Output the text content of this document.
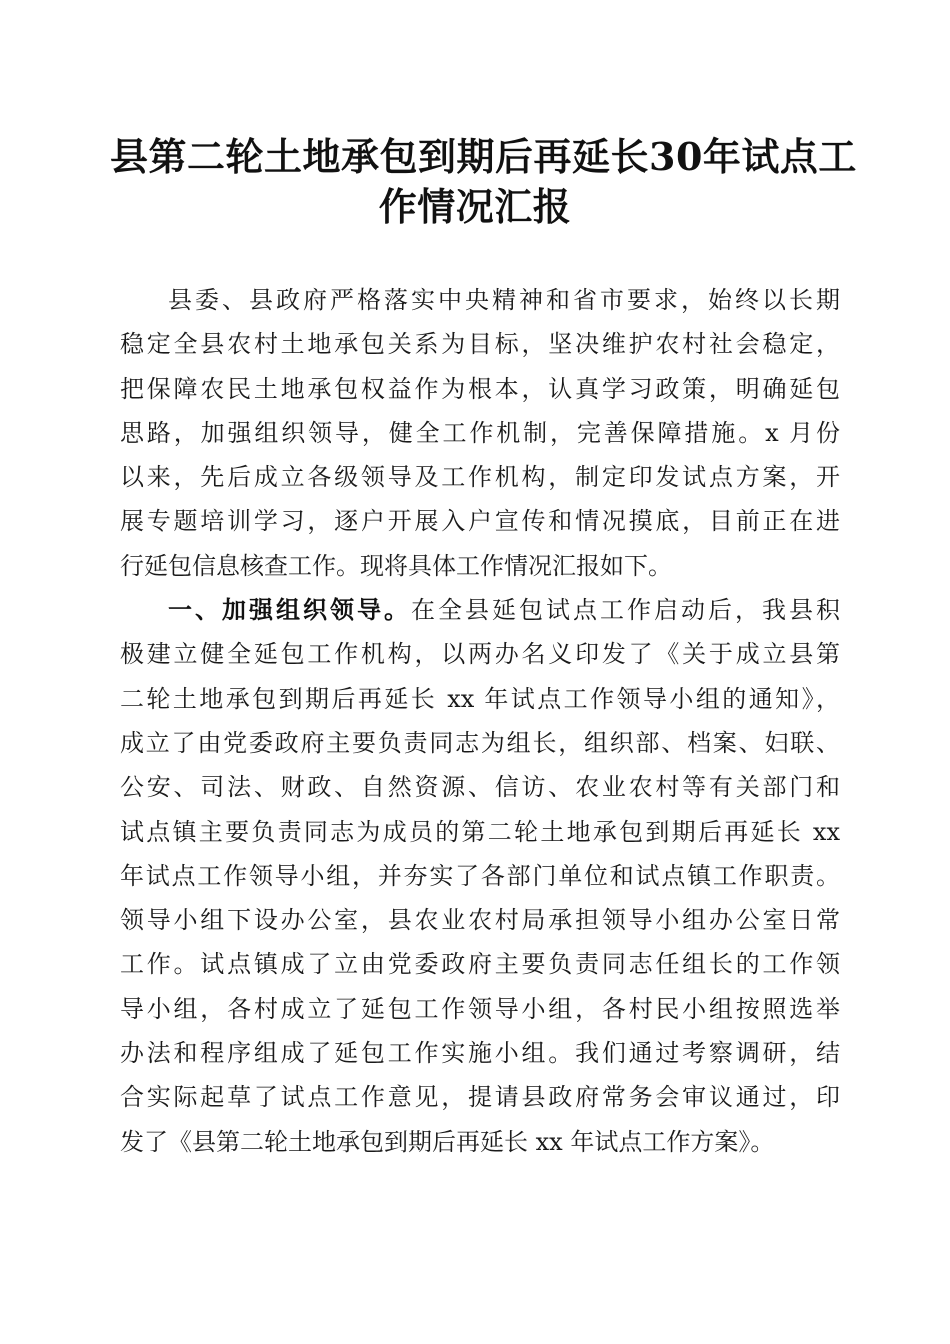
县第二轮土地承包到期后再延长30年试点工
作情况汇报
县委、县政府严格落实中央精神和省市要求，始终以长期
稳定全县农村土地承包关系为目标，坚决维护农村社会稳定，
把保障农民土地承包权益作为根本，认真学习政策，明确延包
思路，加强组织领导，健全工作机制，完善保障措施。x 月份
以来，先后成立各级领导及工作机构，制定印发试点方案，开
展专题培训学习，逐户开展入户宣传和情况摸底，目前正在进
行延包信息核查工作。现将具体工作情况汇报如下。
一、加强组织领导。在全县延包试点工作启动后，我县积
极建立健全延包工作机构，以两办名义印发了《关于成立县第
二轮土地承包到期后再延长 xx 年试点工作领导小组的通知》，
成立了由党委政府主要负责同志为组长，组织部、档案、妇联、
公安、司法、财政、自然资源、信访、农业农村等有关部门和
试点镇主要负责同志为成员的第二轮土地承包到期后再延长 xx
年试点工作领导小组，并夯实了各部门单位和试点镇工作职责。
领导小组下设办公室，县农业农村局承担领导小组办公室日常
工作。试点镇成了立由党委政府主要负责同志任组长的工作领
导小组，各村成立了延包工作领导小组，各村民小组按照选举
办法和程序组成了延包工作实施小组。我们通过考察调研，结
合实际起草了试点工作意见，提请县政府常务会审议通过，印
发了《县第二轮土地承包到期后再延长 xx 年试点工作方案》。
